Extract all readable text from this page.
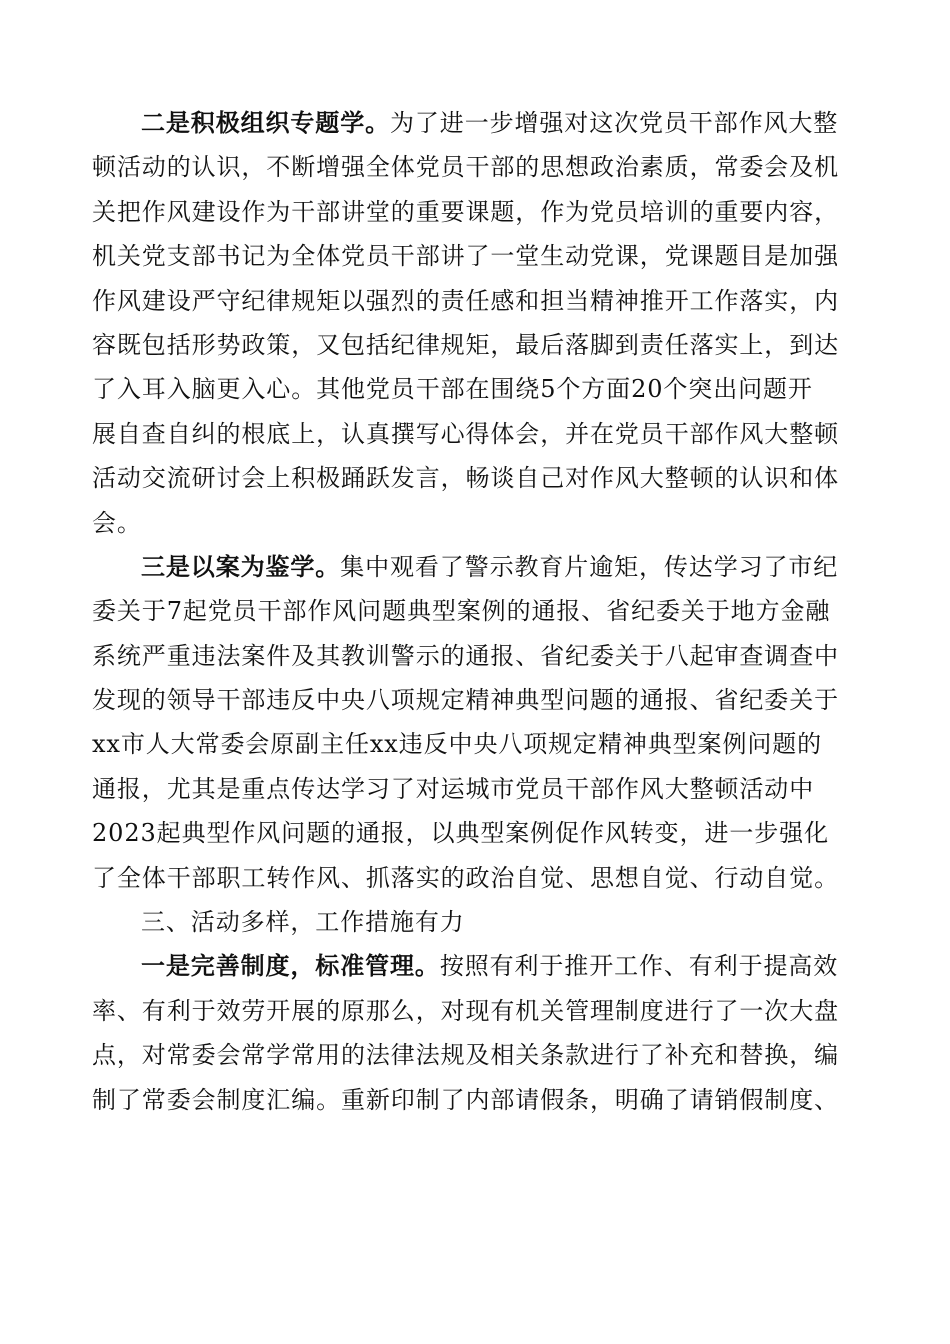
二是积极组织专题学。为了进一步增强对这次党员干部作风大整
顿活动的认识，不断增强全体党员干部的思想政治素质，常委会及机
关把作风建设作为干部讲堂的重要课题，作为党员培训的重要内容，
机关党支部书记为全体党员干部讲了一堂生动党课，党课题目是加强
作风建设严守纪律规矩以强烈的责任感和担当精神推开工作落实，内
容既包括形势政策，又包括纪律规矩，最后落脚到责任落实上，到达
了入耳入脑更入心。其他党员干部在围绕5个方面20个突出问题开
展自查自纠的根底上，认真撰写心得体会，并在党员干部作风大整顿
活动交流研讨会上积极踊跃发言，畅谈自己对作风大整顿的认识和体
会。
三是以案为鉴学。集中观看了警示教育片逾矩，传达学习了市纪
委关于7起党员干部作风问题典型案例的通报、省纪委关于地方金融
系统严重违法案件及其教训警示的通报、省纪委关于八起审查调查中
发现的领导干部违反中央八项规定精神典型问题的通报、省纪委关于
xx市人大常委会原副主任xx违反中央八项规定精神典型案例问题的
通报，尤其是重点传达学习了对运城市党员干部作风大整顿活动中
2023起典型作风问题的通报，以典型案例促作风转变，进一步强化
了全体干部职工转作风、抓落实的政治自觉、思想自觉、行动自觉。
三、活动多样，工作措施有力
一是完善制度，标准管理。按照有利于推开工作、有利于提高效
率、有利于效劳开展的原那么，对现有机关管理制度进行了一次大盘
点，对常委会常学常用的法律法规及相关条款进行了补充和替换，编
制了常委会制度汇编。重新印制了内部请假条，明确了请销假制度、
